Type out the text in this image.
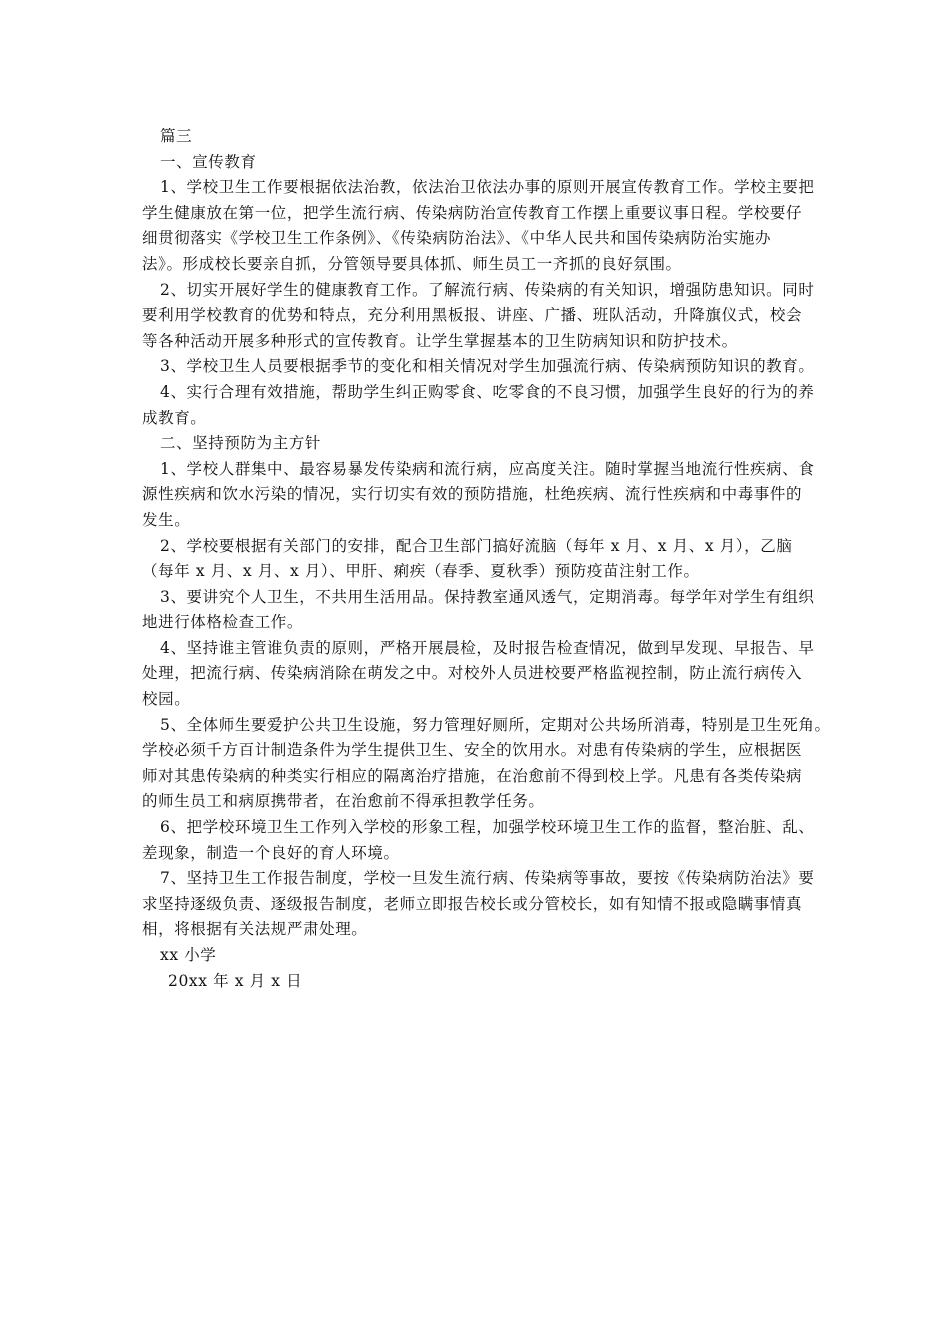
篇三
一、宣传教育
1、学校卫生工作要根据依法治教，依法治卫依法办事的原则开展宣传教育工作。学校主要把
学生健康放在第一位，把学生流行病、传染病防治宣传教育工作摆上重要议事日程。学校要仔
细贯彻落实《学校卫生工作条例》、《传染病防治法》、《中华人民共和国传染病防治实施办
法》。形成校长要亲自抓，分管领导要具体抓、师生员工一齐抓的良好氛围。
2、切实开展好学生的健康教育工作。了解流行病、传染病的有关知识，增强防患知识。同时
要利用学校教育的优势和特点，充分利用黑板报、讲座、广播、班队活动，升降旗仪式，校会
等各种活动开展多种形式的宣传教育。让学生掌握基本的卫生防病知识和防护技术。
3、学校卫生人员要根据季节的变化和相关情况对学生加强流行病、传染病预防知识的教育。
4、实行合理有效措施，帮助学生纠正购零食、吃零食的不良习惯，加强学生良好的行为的养
成教育。
二、坚持预防为主方针
1、学校人群集中、最容易暴发传染病和流行病，应高度关注。随时掌握当地流行性疾病、食
源性疾病和饮水污染的情况，实行切实有效的预防措施，杜绝疾病、流行性疾病和中毒事件的
发生。
2、学校要根据有关部门的安排，配合卫生部门搞好流脑（每年 x 月、x 月、x 月），乙脑
（每年 x 月、x 月、x 月）、甲肝、痢疾（春季、夏秋季）预防疫苗注射工作。
3、要讲究个人卫生，不共用生活用品。保持教室通风透气，定期消毒。每学年对学生有组织
地进行体格检查工作。
4、坚持谁主管谁负责的原则，严格开展晨检，及时报告检查情况，做到早发现、早报告、早
处理，把流行病、传染病消除在萌发之中。对校外人员进校要严格监视控制，防止流行病传入
校园。
5、全体师生要爱护公共卫生设施，努力管理好厕所，定期对公共场所消毒，特别是卫生死角。
学校必须千方百计制造条件为学生提供卫生、安全的饮用水。对患有传染病的学生，应根据医
师对其患传染病的种类实行相应的隔离治疗措施，在治愈前不得到校上学。凡患有各类传染病
的师生员工和病原携带者，在治愈前不得承担教学任务。
6、把学校环境卫生工作列入学校的形象工程，加强学校环境卫生工作的监督，整治脏、乱、
差现象，制造一个良好的育人环境。
7、坚持卫生工作报告制度，学校一旦发生流行病、传染病等事故，要按《传染病防治法》要
求坚持逐级负责、逐级报告制度，老师立即报告校长或分管校长，如有知情不报或隐瞒事情真
相，将根据有关法规严肃处理。
xx 小学
20xx 年 x 月 x 日
